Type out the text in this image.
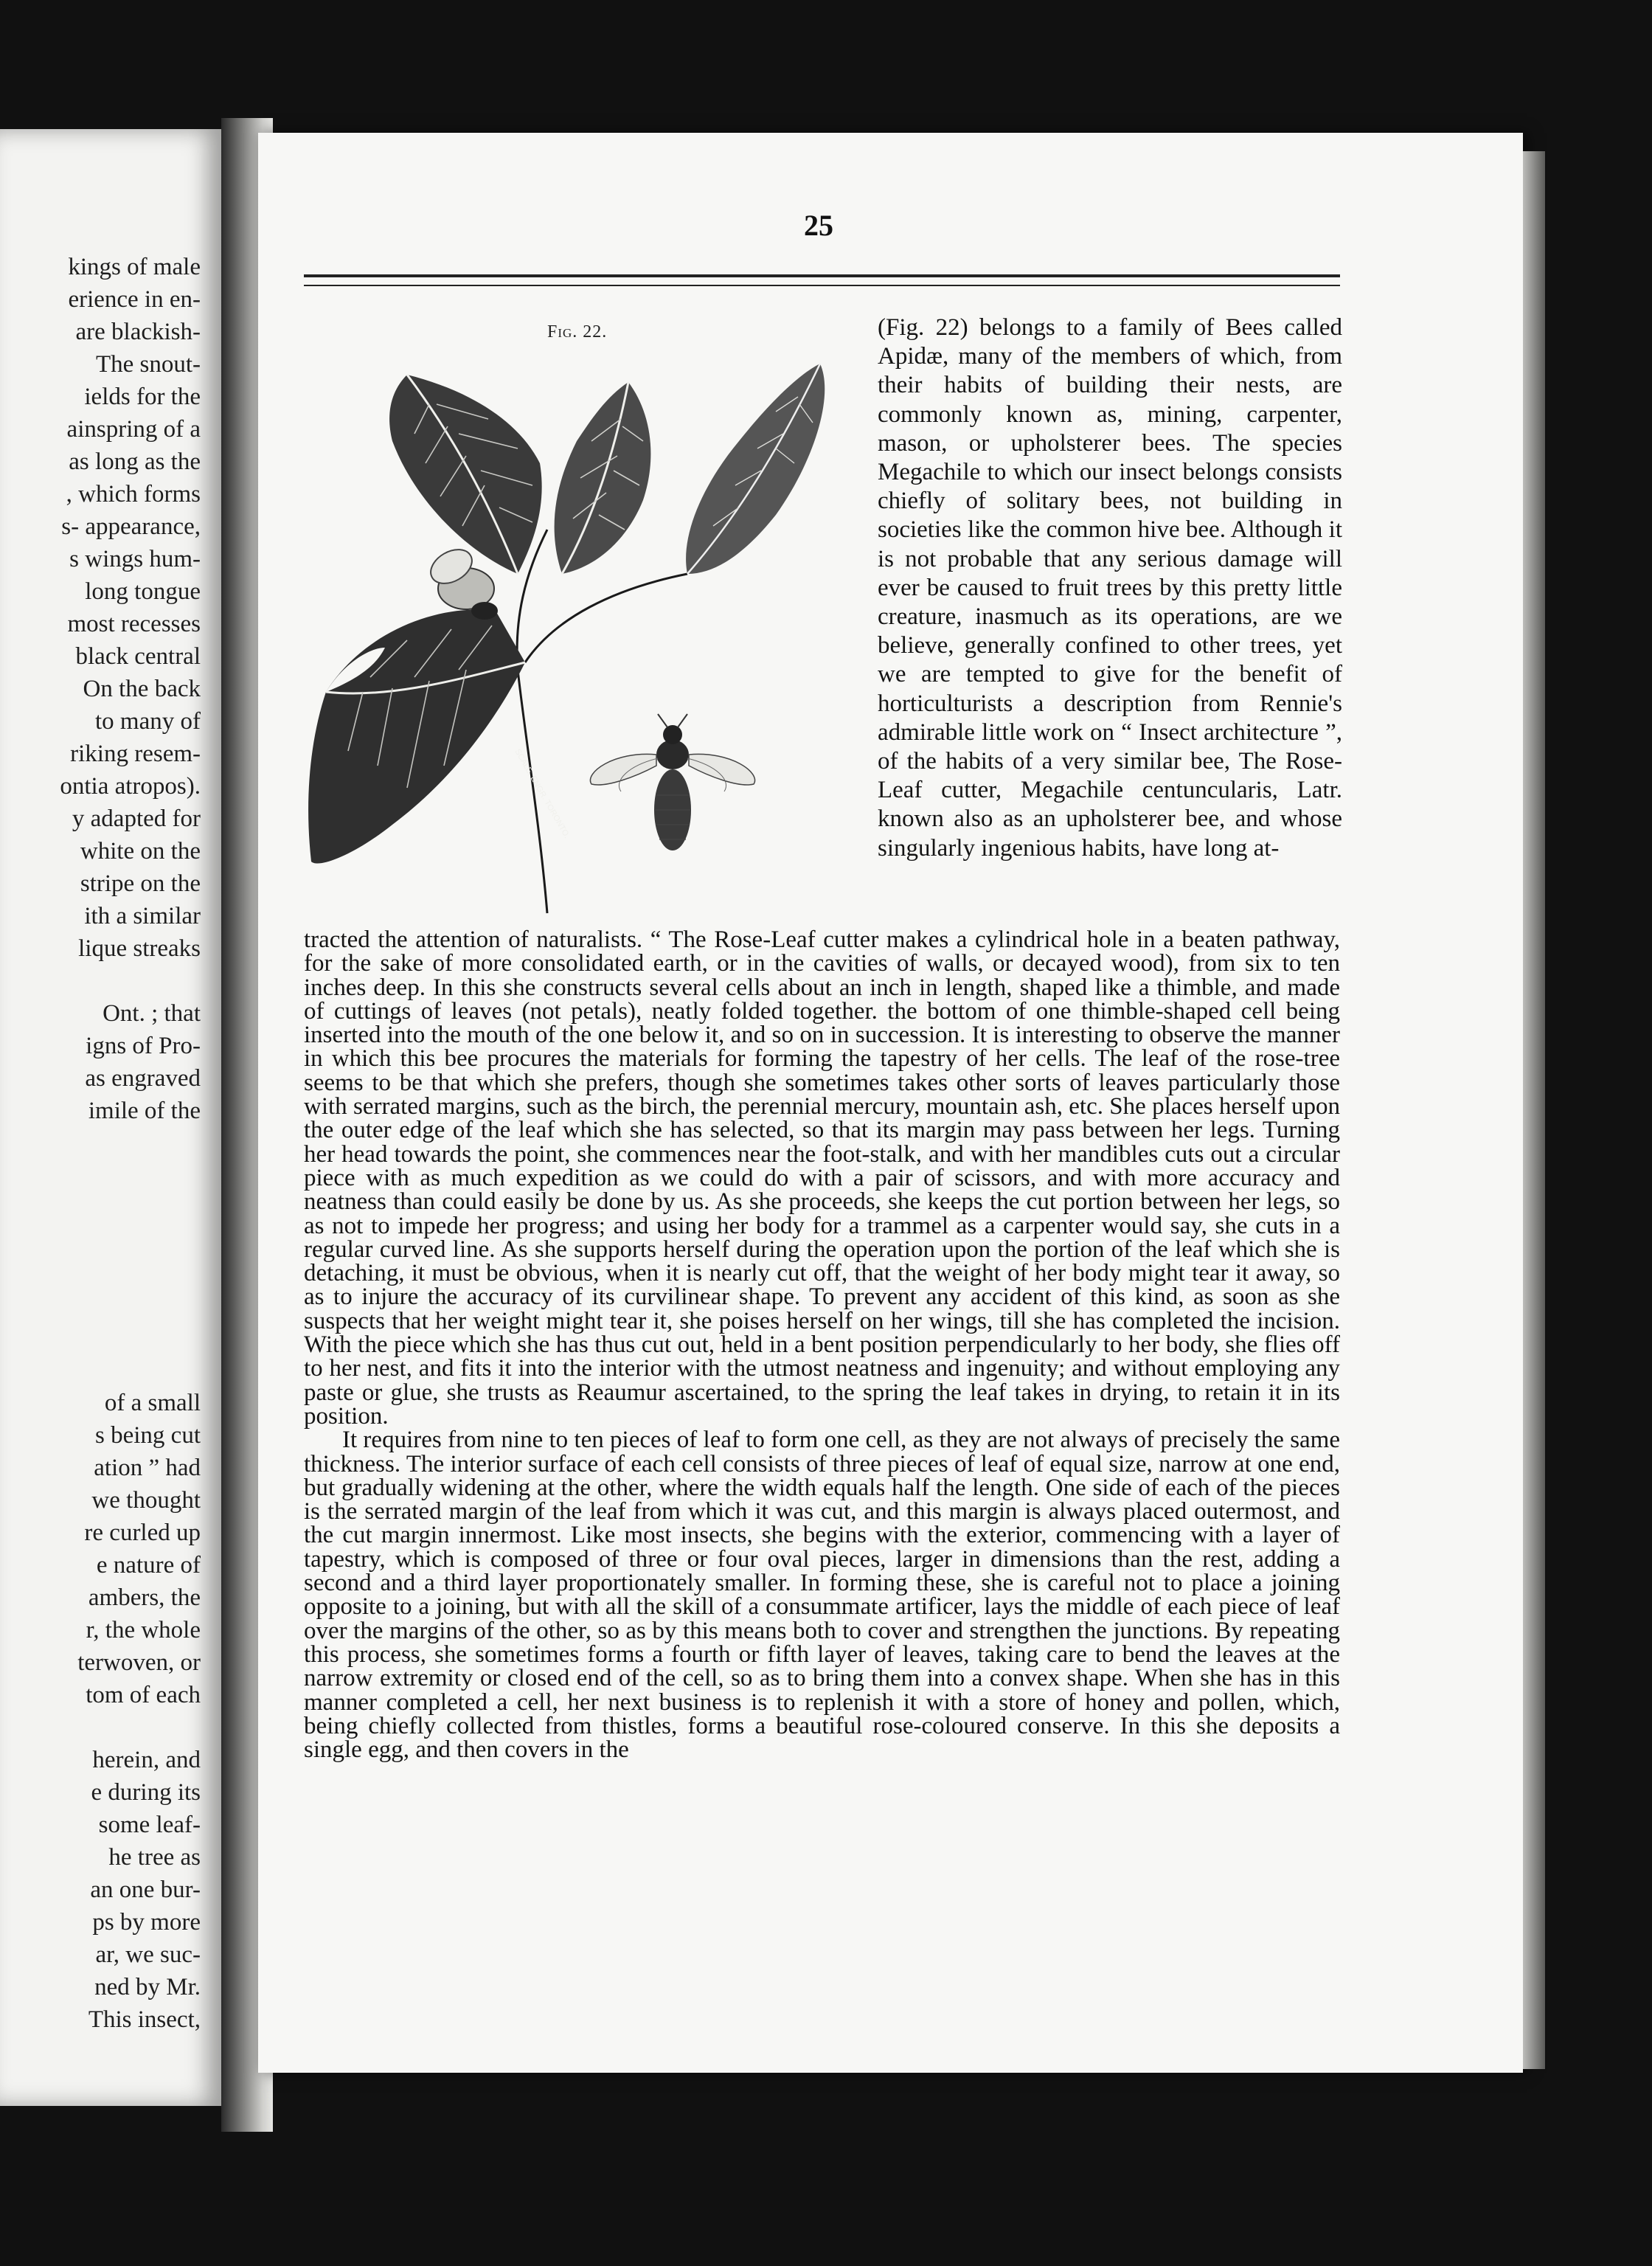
kings of male
erience in en-
are blackish-
The snout-
ields for the
ainspring of a
as long as the
, which forms
s- appearance,
s wings hum-
long tongue
most recesses
black central
On the back
to many of
riking resem-
ontia atropos).
y adapted for
white on the
stripe on the
ith a similar
lique streaks
Ont. ; that
igns of Pro-
as engraved
imile of the
of a small
s being cut
ation ” had
we thought
re curled up
e nature of
ambers, the
r, the whole
terwoven, or
tom of each
herein, and
e during its
some leaf-
he tree as
an one bur-
ps by more
ar, we suc-
ned by Mr.
This insect,
25
Fig. 22.
SCALE, ENGR. TORONTO.

(Fig. 22) belongs to a family of Bees called Apidæ, many of the members of which, from their habits of building their nests, are commonly known as, mining, carpenter, mason, or upholsterer bees. The species Megachile to which our insect belongs consists chiefly of solitary bees, not building in societies like the common hive bee. Although it is not probable that any serious damage will ever be caused to fruit trees by this pretty little creature, inasmuch as its operations, are we believe, generally confined to other trees, yet we are tempted to give for the benefit of horticulturists a description from Rennie's admirable little work on “ Insect architecture ”, of the habits of a very similar bee, The Rose-Leaf cutter, Megachile centuncularis, Latr. known also as an upholsterer bee, and whose singularly ingenious habits, have long at-

tracted the attention of naturalists. “ The Rose-Leaf cutter makes a cylindrical hole in a beaten pathway, for the sake of more consolidated earth, or in the cavities of walls, or decayed wood), from six to ten inches deep. In this she constructs several cells about an inch in length, shaped like a thimble, and made of cuttings of leaves (not petals), neatly folded together. the bottom of one thimble-shaped cell being inserted into the mouth of the one below it, and so on in succession. It is interesting to observe the manner in which this bee procures the materials for forming the tapestry of her cells. The leaf of the rose-tree seems to be that which she prefers, though she sometimes takes other sorts of leaves particularly those with serrated margins, such as the birch, the perennial mercury, mountain ash, etc. She places herself upon the outer edge of the leaf which she has selected, so that its margin may pass between her legs. Turning her head towards the point, she commences near the foot-stalk, and with her mandibles cuts out a circular piece with as much expedition as we could do with a pair of scissors, and with more accuracy and neatness than could easily be done by us. As she proceeds, she keeps the cut portion between her legs, so as not to impede her progress; and using her body for a trammel as a carpenter would say, she cuts in a regular curved line. As she supports herself during the operation upon the portion of the leaf which she is detaching, it must be obvious, when it is nearly cut off, that the weight of her body might tear it away, so as to injure the accuracy of its curvilinear shape. To prevent any accident of this kind, as soon as she suspects that her weight might tear it, she poises herself on her wings, till she has completed the incision. With the piece which she has thus cut out, held in a bent position perpendicularly to her body, she flies off to her nest, and fits it into the interior with the utmost neatness and ingenuity; and without employing any paste or glue, she trusts as Reaumur ascertained, to the spring the leaf takes in drying, to retain it in its position.

It requires from nine to ten pieces of leaf to form one cell, as they are not always of precisely the same thickness. The interior surface of each cell consists of three pieces of leaf of equal size, narrow at one end, but gradually widening at the other, where the width equals half the length. One side of each of the pieces is the serrated margin of the leaf from which it was cut, and this margin is always placed outermost, and the cut margin innermost. Like most insects, she begins with the exterior, commencing with a layer of tapestry, which is composed of three or four oval pieces, larger in dimensions than the rest, adding a second and a third layer proportionately smaller. In forming these, she is careful not to place a joining opposite to a joining, but with all the skill of a consummate artificer, lays the middle of each piece of leaf over the margins of the other, so as by this means both to cover and strengthen the junctions. By repeating this process, she sometimes forms a fourth or fifth layer of leaves, taking care to bend the leaves at the narrow extremity or closed end of the cell, so as to bring them into a convex shape. When she has in this manner completed a cell, her next business is to replenish it with a store of honey and pollen, which, being chiefly collected from thistles, forms a beautiful rose-coloured conserve. In this she deposits a single egg, and then covers in the
